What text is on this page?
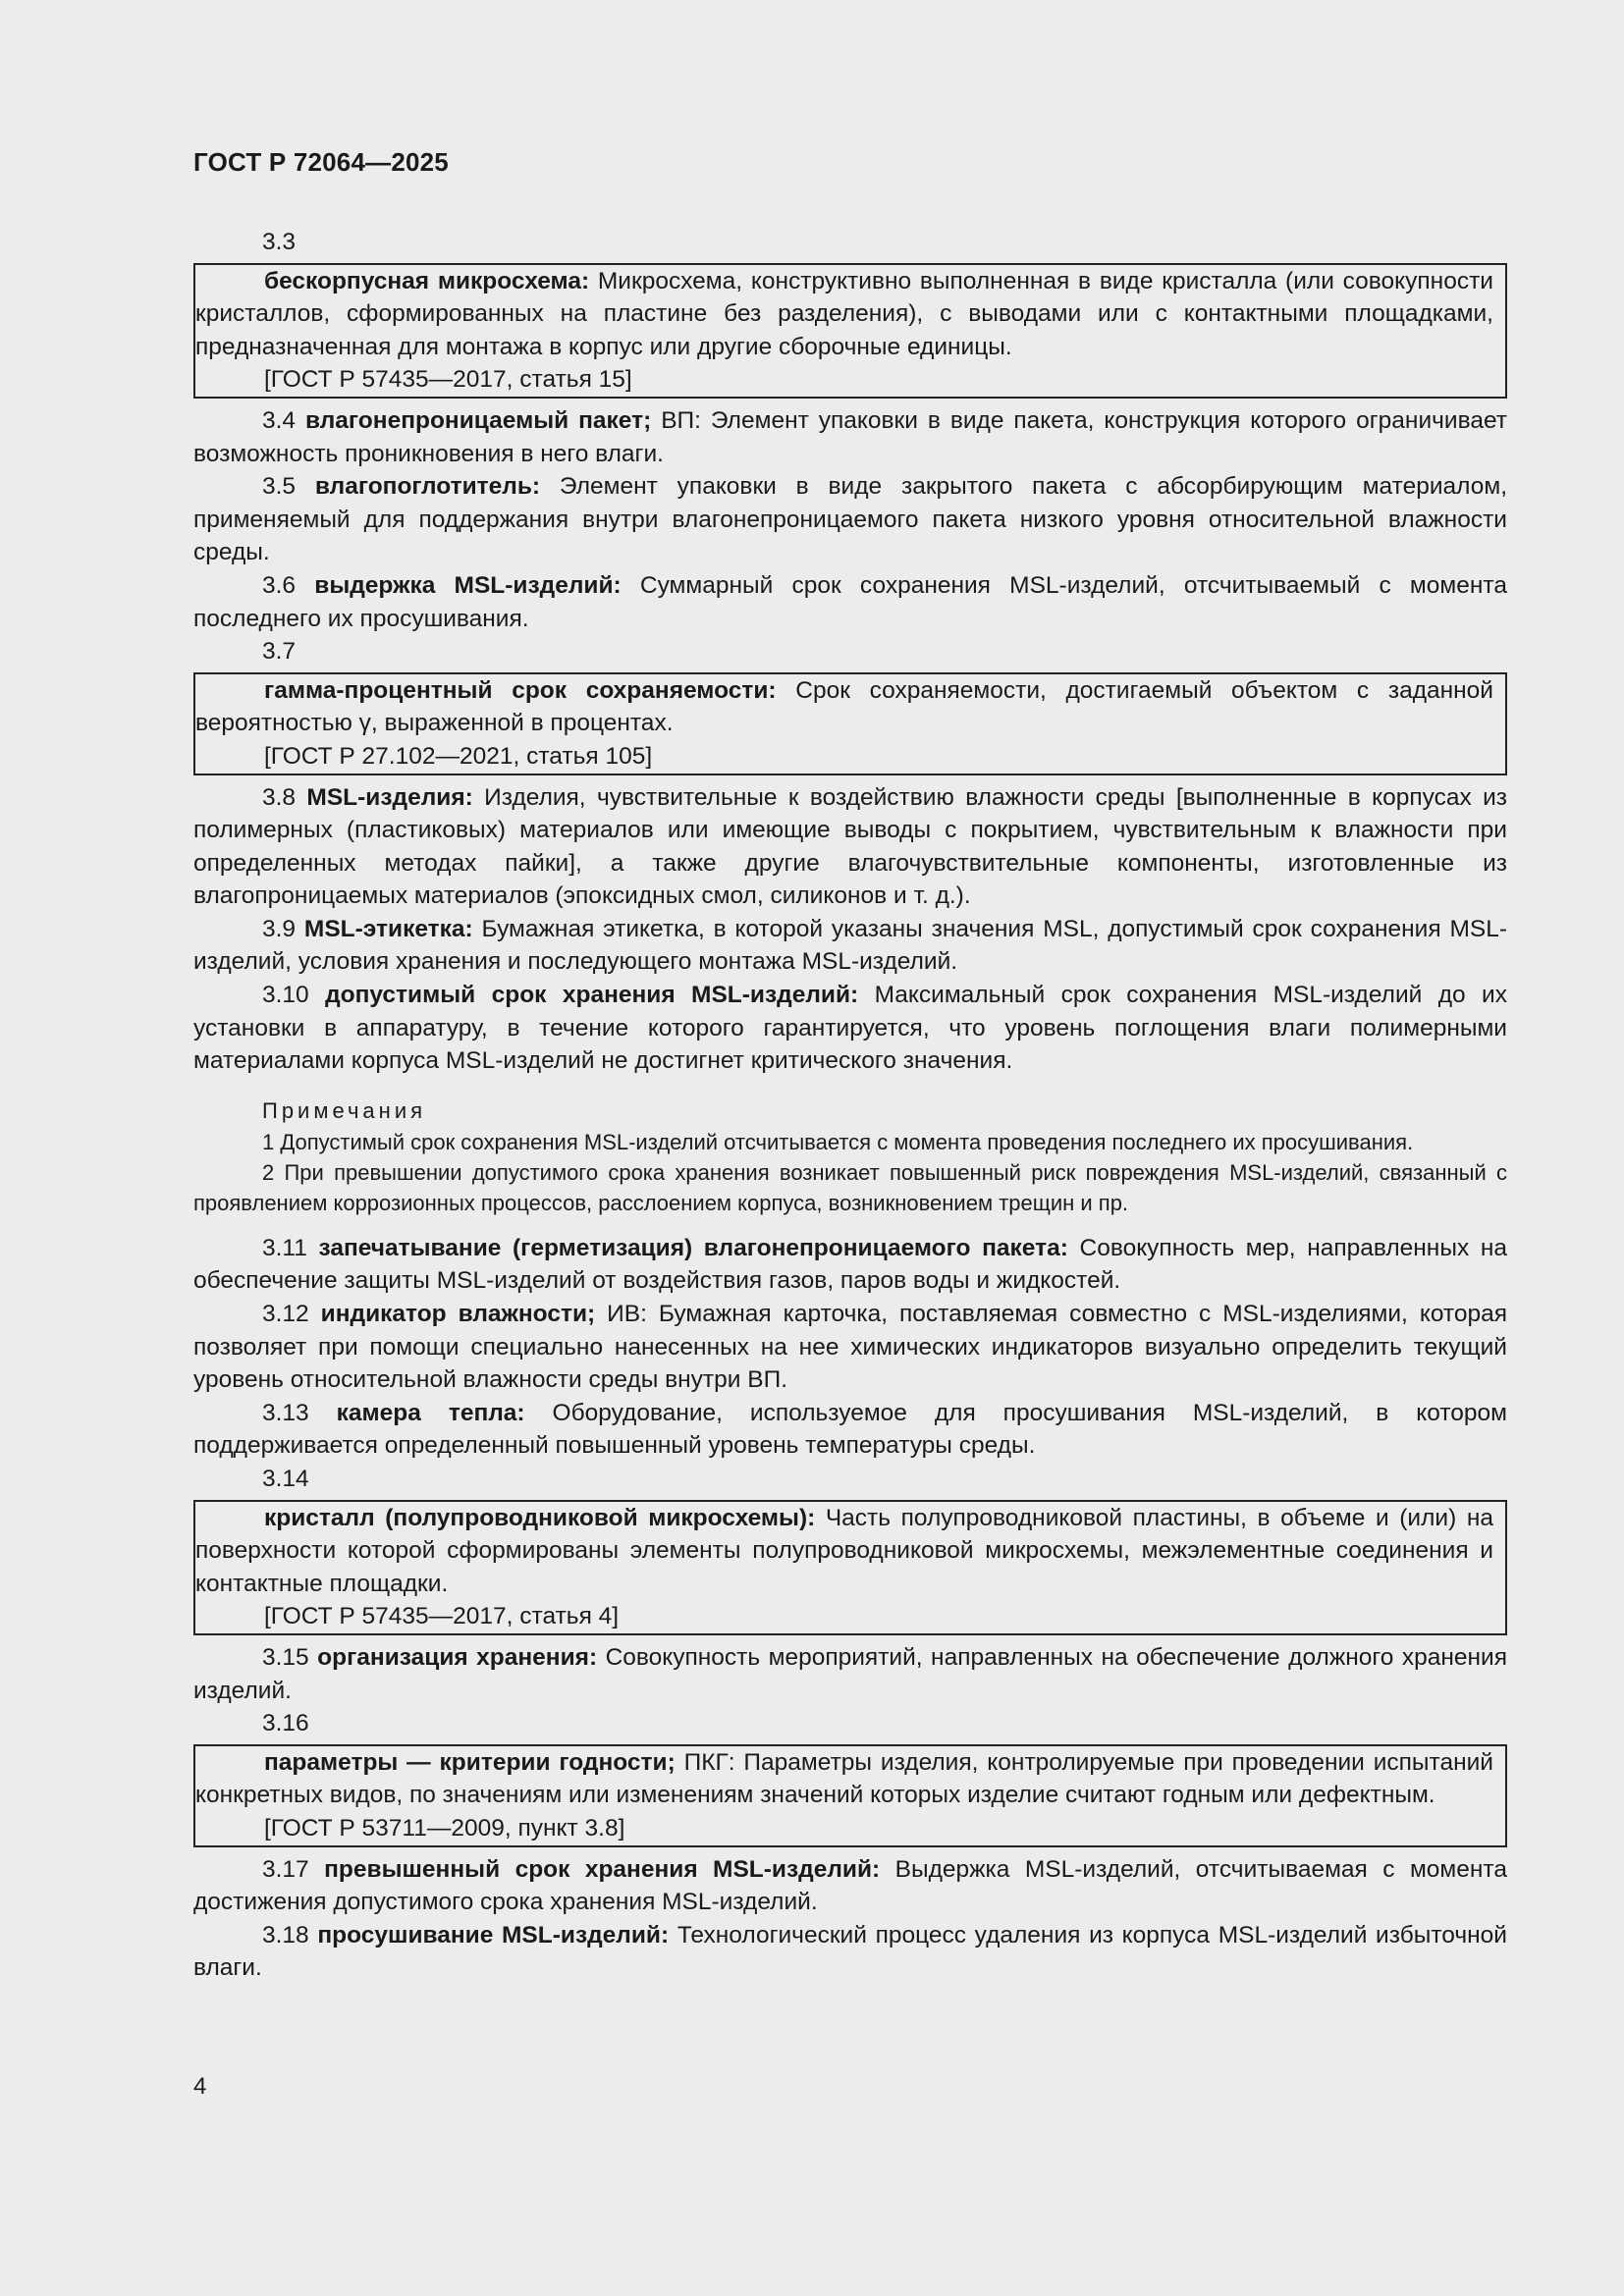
ГОСТ Р 72064—2025

3.3

бескорпусная микросхема: Микросхема, конструктивно выполненная в виде кристалла (или совокупности кристаллов, сформированных на пластине без разделения), с выводами или с контактными площадками, предназначенная для монтажа в корпус или другие сборочные единицы.

[ГОСТ Р 57435—2017, статья 15]

3.4 влагонепроницаемый пакет; ВП: Элемент упаковки в виде пакета, конструкция которого ограничивает возможность проникновения в него влаги.

3.5 влагопоглотитель: Элемент упаковки в виде закрытого пакета с абсорбирующим материалом, применяемый для поддержания внутри влагонепроницаемого пакета низкого уровня относительной влажности среды.

3.6 выдержка MSL-изделий: Суммарный срок сохранения MSL-изделий, отсчитываемый с момента последнего их просушивания.

3.7

гамма-процентный срок сохраняемости: Срок сохраняемости, достигаемый объектом с заданной вероятностью γ, выраженной в процентах.

[ГОСТ Р 27.102—2021, статья 105]

3.8 MSL-изделия: Изделия, чувствительные к воздействию влажности среды [выполненные в корпусах из полимерных (пластиковых) материалов или имеющие выводы с покрытием, чувствительным к влажности при определенных методах пайки], а также другие влагочувствительные компоненты, изготовленные из влагопроницаемых материалов (эпоксидных смол, силиконов и т. д.).

3.9 MSL-этикетка: Бумажная этикетка, в которой указаны значения MSL, допустимый срок сохранения MSL-изделий, условия хранения и последующего монтажа MSL-изделий.

3.10 допустимый срок хранения MSL-изделий: Максимальный срок сохранения MSL-изделий до их установки в аппаратуру, в течение которого гарантируется, что уровень поглощения влаги полимерными материалами корпуса MSL-изделий не достигнет критического значения.

Примечания

1 Допустимый срок сохранения MSL-изделий отсчитывается с момента проведения последнего их просушивания.

2 При превышении допустимого срока хранения возникает повышенный риск повреждения MSL-изделий, связанный с проявлением коррозионных процессов, расслоением корпуса, возникновением трещин и пр.

3.11 запечатывание (герметизация) влагонепроницаемого пакета: Совокупность мер, направленных на обеспечение защиты MSL-изделий от воздействия газов, паров воды и жидкостей.

3.12 индикатор влажности; ИВ: Бумажная карточка, поставляемая совместно с MSL-изделиями, которая позволяет при помощи специально нанесенных на нее химических индикаторов визуально определить текущий уровень относительной влажности среды внутри ВП.

3.13 камера тепла: Оборудование, используемое для просушивания MSL-изделий, в котором поддерживается определенный повышенный уровень температуры среды.

3.14

кристалл (полупроводниковой микросхемы): Часть полупроводниковой пластины, в объеме и (или) на поверхности которой сформированы элементы полупроводниковой микросхемы, межэлементные соединения и контактные площадки.

[ГОСТ Р 57435—2017, статья 4]

3.15 организация хранения: Совокупность мероприятий, направленных на обеспечение должного хранения изделий.

3.16

параметры — критерии годности; ПКГ: Параметры изделия, контролируемые при проведении испытаний конкретных видов, по значениям или изменениям значений которых изделие считают годным или дефектным.

[ГОСТ Р 53711—2009, пункт 3.8]

3.17 превышенный срок хранения MSL-изделий: Выдержка MSL-изделий, отсчитываемая с момента достижения допустимого срока хранения MSL-изделий.

3.18 просушивание MSL-изделий: Технологический процесс удаления из корпуса MSL-изделий избыточной влаги.

4
